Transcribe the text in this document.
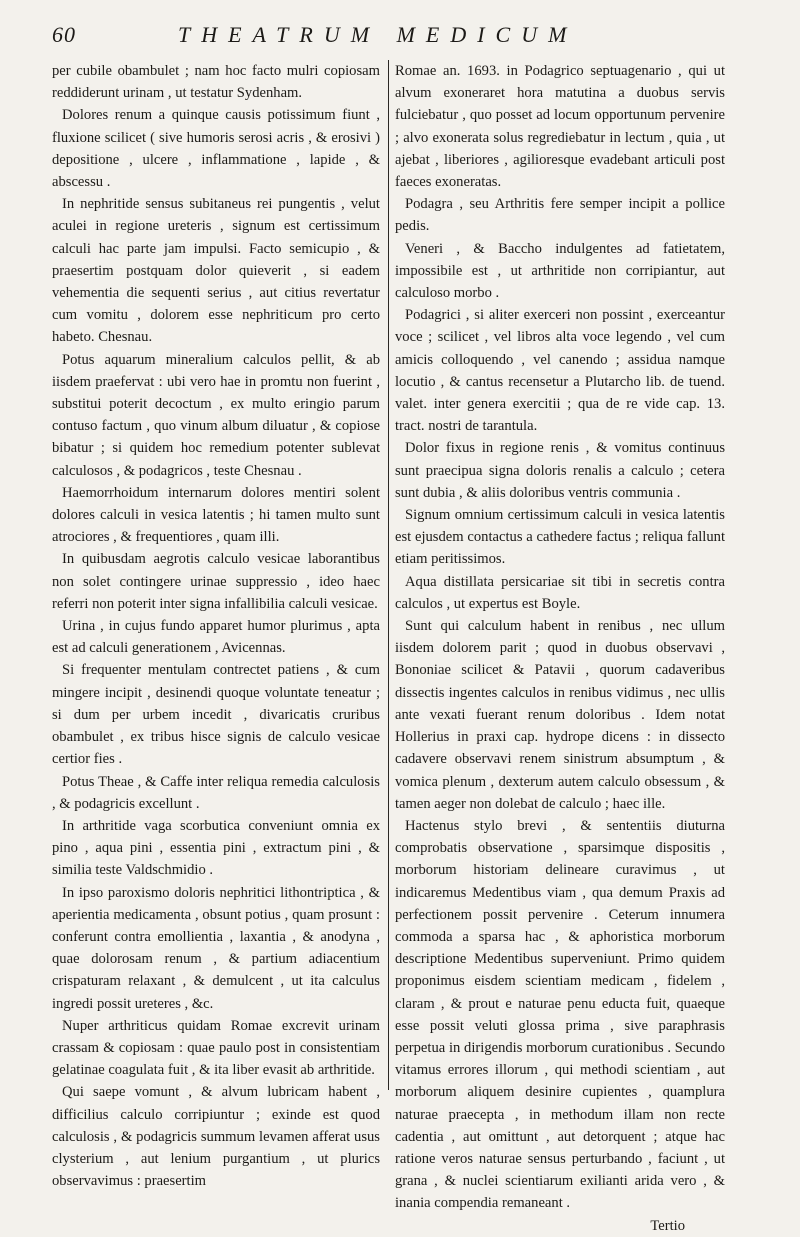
60	THEATRUM MEDICUM

per cubile obambulet ; nam hoc facto mulri copiosam reddiderunt urinam , ut testatur Sydenham.

Dolores renum a quinque causis potissimum fiunt , fluxione scilicet ( sive humoris serosi acris , & erosivi ) depositione , ulcere , inflammatione , lapide , & abscessu .

In nephritide sensus subitaneus rei pungentis , velut aculei in regione ureteris , signum est certissimum calculi hac parte jam impulsi. Facto semicupio , & praesertim postquam dolor quieverit , si eadem vehementia die sequenti serius , aut citius revertatur cum vomitu , dolorem esse nephriticum pro certo habeto. Chesnau.

Potus aquarum mineralium calculos pellit, & ab iisdem praefervat : ubi vero hae in promtu non fuerint , substitui poterit decoctum , ex multo eringio parum contuso factum , quo vinum album diluatur , & copiose bibatur ; si quidem hoc remedium potenter sublevat calculosos , & podagricos , teste Chesnau .

Haemorrhoidum internarum dolores mentiri solent dolores calculi in vesica latentis ; hi tamen multo sunt atrociores , & frequentiores , quam illi.

In quibusdam aegrotis calculo vesicae laborantibus non solet contingere urinae suppressio , ideo haec referri non poterit inter signa infallibilia calculi vesicae.

Urina , in cujus fundo apparet humor plurimus , apta est ad calculi generationem , Avicennas.

Si frequenter mentulam contrectet patiens , & cum mingere incipit , desinendi quoque voluntate teneatur ; si dum per urbem incedit , divaricatis cruribus obambulet , ex tribus hisce signis de calculo vesicae certior fies .

Potus Theae , & Caffe inter reliqua remedia calculosis , & podagricis excellunt .

In arthritide vaga scorbutica conveniunt omnia ex pino , aqua pini , essentia pini , extractum pini , & similia teste Valdschmidio .

In ipso paroxismo doloris nephritici lithontriptica , & aperientia medicamenta , obsunt potius , quam prosunt : conferunt contra emollientia , laxantia , & anodyna , quae dolorosam renum , & partium adiacentium crispaturam relaxant , & demulcent , ut ita calculus ingredi possit ureteres , &c.

Nuper arthriticus quidam Romae excrevit urinam crassam & copiosam : quae paulo post in consistentiam gelatinae coagulata fuit , & ita liber evasit ab arthritide.

Qui saepe vomunt , & alvum lubricam habent , difficilius calculo corripiuntur ; exinde est quod calculosis , & podagricis summum levamen afferat usus clysterium , aut lenium purgantium , ut plurics observavimus : praesertim

Romae an. 1693. in Podagrico septuagenario , qui ut alvum exoneraret hora matutina a duobus servis fulciebatur , quo posset ad locum opportunum pervenire ; alvo exonerata solus regrediebatur in lectum , quia , ut ajebat , liberiores , agilioresque evadebant articuli post faeces exoneratas.

Podagra , seu Arthritis fere semper incipit a pollice pedis.

Veneri , & Baccho indulgentes ad fatietatem, impossibile est , ut arthritide non corripiantur, aut calculoso morbo .

Podagrici , si aliter exerceri non possint , exerceantur voce ; scilicet , vel libros alta voce legendo , vel cum amicis colloquendo , vel canendo ; assidua namque locutio , & cantus recensetur a Plutarcho lib. de tuend. valet. inter genera exercitii ; qua de re vide cap. 13. tract. nostri de tarantula.

Dolor fixus in regione renis , & vomitus continuus sunt praecipua signa doloris renalis a calculo ; cetera sunt dubia , & aliis doloribus ventris communia .

Signum omnium certissimum calculi in vesica latentis est ejusdem contactus a cathedere factus ; reliqua fallunt etiam peritissimos.

Aqua distillata persicariae sit tibi in secretis contra calculos , ut expertus est Boyle.

Sunt qui calculum habent in renibus , nec ullum iisdem dolorem parit ; quod in duobus observavi , Bononiae scilicet & Patavii , quorum cadaveribus dissectis ingentes calculos in renibus vidimus , nec ullis ante vexati fuerant renum doloribus . Idem notat Hollerius in praxi cap. hydrope dicens : in dissecto cadavere observavi renem sinistrum absumptum , & vomica plenum , dexterum autem calculo obsessum , & tamen aeger non dolebat de calculo ; haec ille.

Hactenus stylo brevi , & sententiis diuturna comprobatis observatione , sparsimque dispositis , morborum historiam delineare curavimus , ut indicaremus Medentibus viam , qua demum Praxis ad perfectionem possit pervenire . Ceterum innumera commoda a sparsa hac , & aphoristica morborum descriptione Medentibus superveniunt. Primo quidem proponimus eisdem scientiam medicam , fidelem , claram , & prout e naturae penu educta fuit, quaeque esse possit veluti glossa prima , sive paraphrasis perpetua in dirigendis morborum curationibus . Secundo vitamus errores illorum , qui methodi scientiam , aut morborum aliquem desinire cupientes , quamplura naturae praecepta , in methodum illam non recte cadentia , aut omittunt , aut detorquent ; atque hac ratione veros naturae sensus perturbando , faciunt , ut grana , & nuclei scientiarum exilianti arida vero , & inania compendia remaneant .

Tertio
